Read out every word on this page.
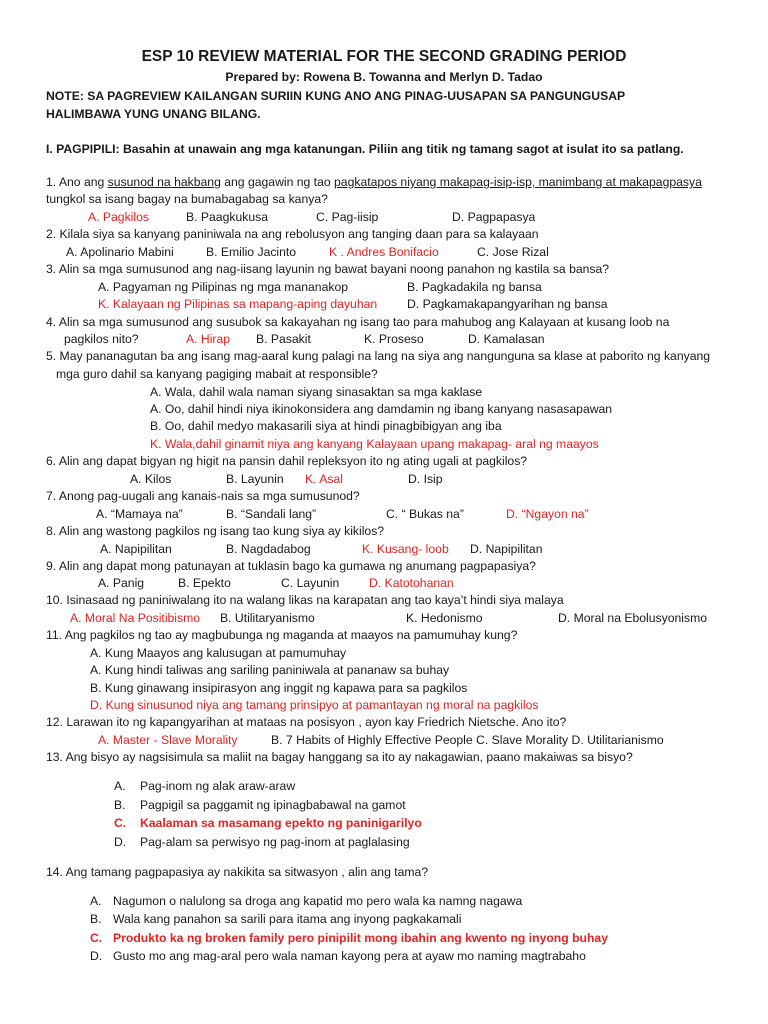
ESP 10 REVIEW MATERIAL FOR THE SECOND GRADING PERIOD
Prepared by: Rowena B. Towanna and Merlyn D. Tadao
NOTE: SA PAGREVIEW KAILANGAN SURIIN KUNG ANO ANG PINAG-UUSAPAN SA PANGUNGUSAP
HALIMBAWA YUNG UNANG BILANG.
I. PAGPIPILI: Basahin at unawain ang mga katanungan. Piliin ang titik ng tamang sagot at isulat ito sa patlang.
1. Ano ang susunod na hakbang ang gagawin ng tao pagkatapos niyang makapag-isip-isp, manimbang at makapagpasya
tungkol sa isang bagay na bumabagabag sa kanya?
A. Pagkilos	B. Paagkukusa	C. Pag-iisip	D. Pagpapasya
2. Kilala siya sa kanyang paniniwala na ang rebolusyon ang tanging daan para sa kalayaan
A. Apolinario Mabini	B. Emilio Jacinto	K . Andres Bonifacio	C. Jose Rizal
3. Alin sa mga sumusunod ang nag-iisang layunin ng bawat bayani noong panahon ng kastila sa bansa?
A. Pagyaman ng Pilipinas ng mga mananakop	B. Pagkadakila ng bansa
K. Kalayaan ng Pilipinas sa mapang-aping dayuhan D. Pagkamakapangyarihan ng bansa
4. Alin sa mga sumusunod ang susubok sa kakayahan ng isang tao para mahubog ang Kalayaan at kusang loob na
pagkilos nito?	A. Hirap B. Pasakit	K. Proseso	D. Kamalasan
5. May pananagutan ba ang isang mag-aaral kung palagi na lang na siya ang nangunguna sa klase at paborito ng kanyang
mga guro dahil sa kanyang pagiging mabait at responsible?
A. Wala, dahil wala naman siyang sinasaktan sa mga kaklase
A. Oo, dahil hindi niya ikinokonsidera ang damdamin ng ibang kanyang nasasapawan
B. Oo, dahil medyo makasarili siya at hindi pinagbibigyan ang iba
K. Wala,dahil ginamit niya ang kanyang Kalayaan upang makapag- aral ng maayos
6. Alin ang dapat bigyan ng higit na pansin dahil repleksyon ito ng ating ugali at pagkilos?
A. Kilos	B. Layunin K. Asal	D. Isip
7. Anong pag-uugali ang kanais-nais sa mga sumusunod?
A. “Mamaya na”	B. “Sandali lang”	C. “ Bukas na”	D. “Ngayon na”
8. Alin ang wastong pagkilos ng isang tao kung siya ay kikilos?
A. Napipilitan	B. Nagdadabog	K. Kusang- loob D. Napipilitan
9. Alin ang dapat mong patunayan at tuklasin bago ka gumawa ng anumang pagpapasiya?
A. Panig	B. Epekto	C. Layunin D. Katotohanan
10. Isinasaad ng paniniwalang ito na walang likas na karapatan ang tao kaya’t hindi siya malaya
A. Moral Na Positibismo B. Utilitaryanismo	K. Hedonismo	D. Moral na Ebolusyonismo
11. Ang pagkilos ng tao ay magbubunga ng maganda at maayos na pamumuhay kung?
A. Kung Maayos ang kalusugan at pamumuhay
A. Kung hindi taliwas ang sariling paniniwala at pananaw sa buhay
B. Kung ginawang insipirasyon ang inggit ng kapawa para sa pagkilos
D. Kung sinusunod niya ang tamang prinsipyo at pamantayan ng moral na pagkilos
12. Larawan ito ng kapangyarihan at mataas na posisyon , ayon kay Friedrich Nietsche. Ano ito?
A. Master - Slave Morality	B. 7 Habits of Highly Effective People C. Slave Morality D. Utilitarianismo
13. Ang bisyo ay nagsisimula sa maliit na bagay hanggang sa ito ay nakagawian, paano makaiwas sa bisyo?
A. Pag-inom ng alak araw-araw
B. Pagpigil sa paggamit ng ipinagbabawal na gamot
C. Kaalaman sa masamang epekto ng paninigarilyo
D. Pag-alam sa perwisyo ng pag-inom at paglalasing
14. Ang tamang pagpapasiya ay nakikita sa sitwasyon , alin ang tama?
A. Nagumon o nalulong sa droga ang kapatid mo pero wala ka namng nagawa
B. Wala kang panahon sa sarili para itama ang inyong pagkakamali
C. Produkto ka ng broken family pero pinipilit mong ibahin ang kwento ng inyong buhay
D. Gusto mo ang mag-aral pero wala naman kayong pera at ayaw mo naming magtrabaho
